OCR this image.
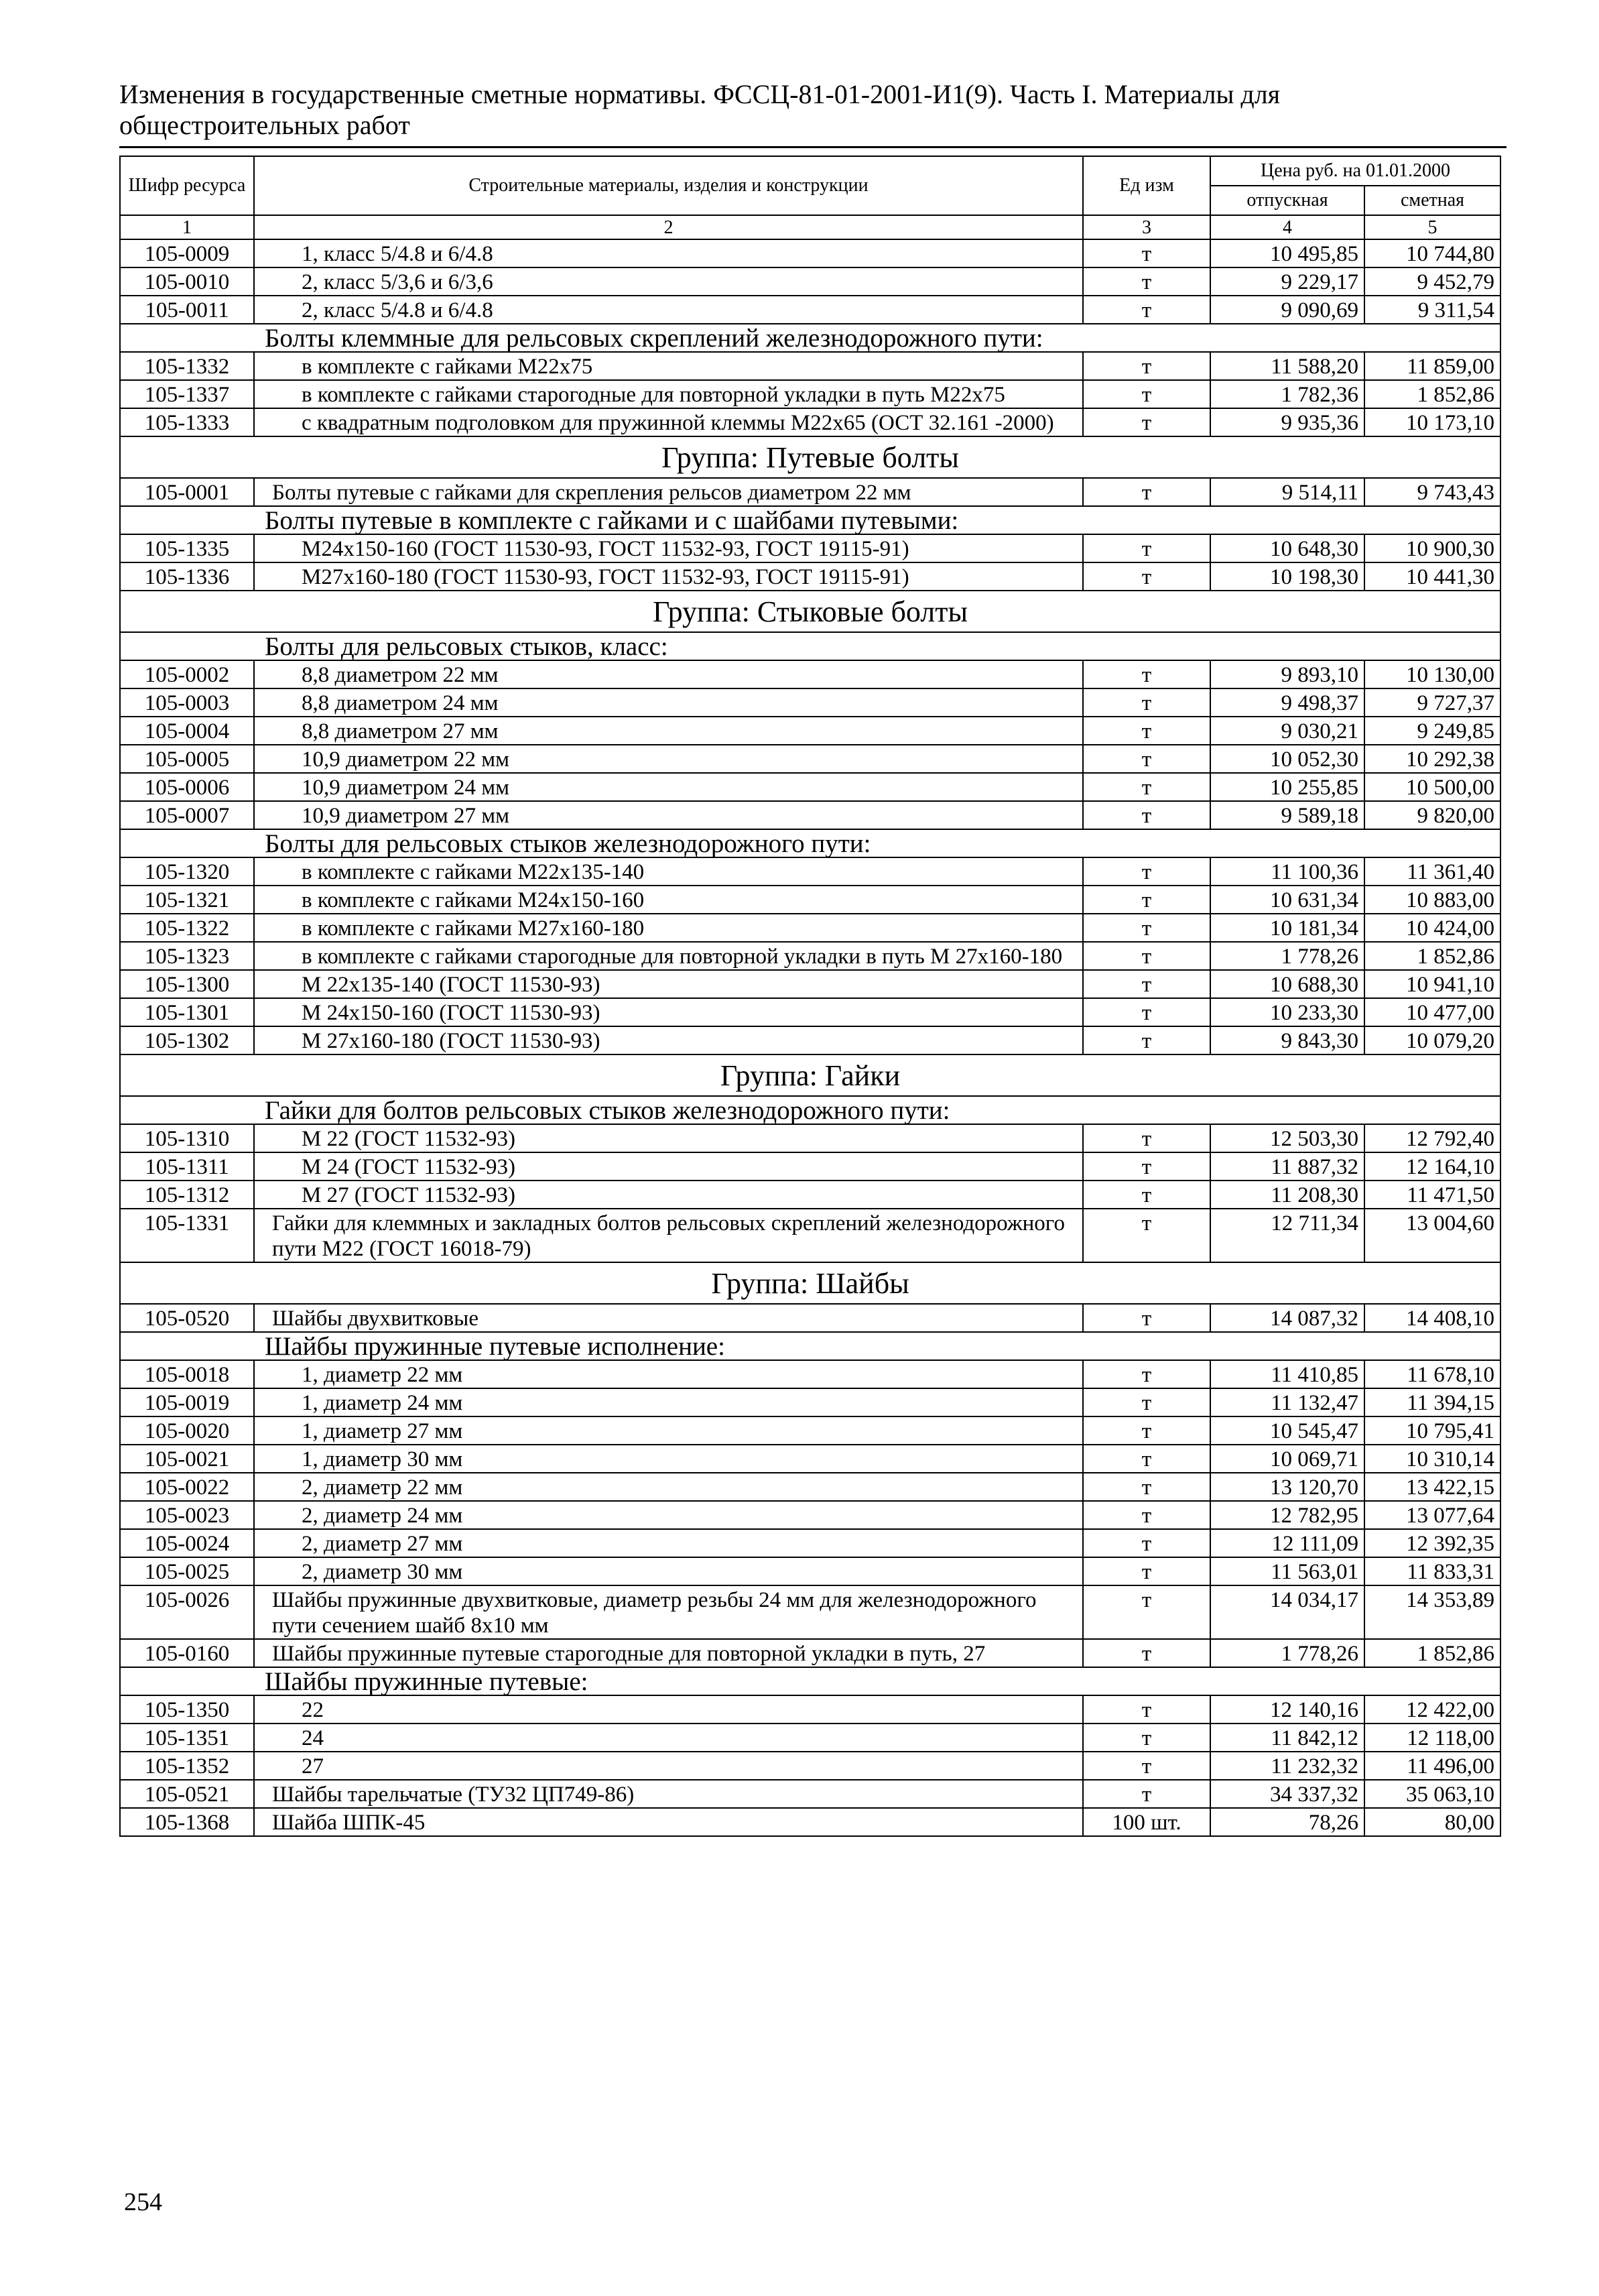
Изменения в государственные сметные нормативы. ФССЦ-81-01-2001-И1(9). Часть I. Материалы для общестроительных работ
Шифр ресурса	Строительные материалы, изделия и конструкции	Ед изм	Цена руб. на 01.01.2000	
			отпускная	сметная
1	2	3	4	5
105-0009	1, класс 5/4.8 и 6/4.8	т	10 495,85	10 744,80
105-0010	2, класс 5/3,6 и 6/3,6	т	9 229,17	9 452,79
105-0011	2, класс 5/4.8 и 6/4.8	т	9 090,69	9 311,54
Болты клеммные для рельсовых скреплений железнодорожного пути:				
105-1332	в комплекте с гайками М22х75	т	11 588,20	11 859,00
105-1337	в комплекте с гайками старогодные для повторной укладки в путь М22х75	т	1 782,36	1 852,86
105-1333	с квадратным подголовком для пружинной клеммы М22х65 (ОСТ 32.161 -2000)	т	9 935,36	10 173,10
Группа: Путевые болты				
105-0001	Болты путевые с гайками для скрепления рельсов диаметром 22 мм	т	9 514,11	9 743,43
Болты путевые в комплекте с гайками и с шайбами путевыми:				
105-1335	М24х150-160 (ГОСТ 11530-93, ГОСТ 11532-93, ГОСТ 19115-91)	т	10 648,30	10 900,30
105-1336	М27х160-180 (ГОСТ 11530-93, ГОСТ 11532-93, ГОСТ 19115-91)	т	10 198,30	10 441,30
Группа: Стыковые болты				
Болты для рельсовых стыков, класс:				
105-0002	8,8 диаметром 22 мм	т	9 893,10	10 130,00
105-0003	8,8 диаметром 24 мм	т	9 498,37	9 727,37
105-0004	8,8 диаметром 27 мм	т	9 030,21	9 249,85
105-0005	10,9 диаметром 22 мм	т	10 052,30	10 292,38
105-0006	10,9 диаметром 24 мм	т	10 255,85	10 500,00
105-0007	10,9 диаметром 27 мм	т	9 589,18	9 820,00
Болты для рельсовых стыков железнодорожного пути:				
105-1320	в комплекте с гайками М22х135-140	т	11 100,36	11 361,40
105-1321	в комплекте с гайками М24х150-160	т	10 631,34	10 883,00
105-1322	в комплекте с гайками М27х160-180	т	10 181,34	10 424,00
105-1323	в комплекте с гайками старогодные для повторной укладки в путь М 27х160-180	т	1 778,26	1 852,86
105-1300	М 22х135-140 (ГОСТ 11530-93)	т	10 688,30	10 941,10
105-1301	М 24х150-160 (ГОСТ 11530-93)	т	10 233,30	10 477,00
105-1302	М 27х160-180 (ГОСТ 11530-93)	т	9 843,30	10 079,20
Группа: Гайки				
Гайки для болтов рельсовых стыков железнодорожного пути:				
105-1310	М 22 (ГОСТ 11532-93)	т	12 503,30	12 792,40
105-1311	М 24 (ГОСТ 11532-93)	т	11 887,32	12 164,10
105-1312	М 27 (ГОСТ 11532-93)	т	11 208,30	11 471,50
105-1331	Гайки для клеммных и закладных болтов рельсовых скреплений железнодорожного пути М22 (ГОСТ 16018-79)	т	12 711,34	13 004,60
Группа: Шайбы				
105-0520	Шайбы двухвитковые	т	14 087,32	14 408,10
Шайбы пружинные путевые исполнение:				
105-0018	1, диаметр 22 мм	т	11 410,85	11 678,10
105-0019	1, диаметр 24 мм	т	11 132,47	11 394,15
105-0020	1, диаметр 27 мм	т	10 545,47	10 795,41
105-0021	1, диаметр 30 мм	т	10 069,71	10 310,14
105-0022	2, диаметр 22 мм	т	13 120,70	13 422,15
105-0023	2, диаметр 24 мм	т	12 782,95	13 077,64
105-0024	2, диаметр 27 мм	т	12 111,09	12 392,35
105-0025	2, диаметр 30 мм	т	11 563,01	11 833,31
105-0026	Шайбы пружинные двухвитковые, диаметр резьбы 24 мм для железнодорожного пути сечением шайб 8х10 мм	т	14 034,17	14 353,89
105-0160	Шайбы пружинные путевые старогодные для повторной укладки в путь, 27	т	1 778,26	1 852,86
Шайбы пружинные путевые:				
105-1350	22	т	12 140,16	12 422,00
105-1351	24	т	11 842,12	12 118,00
105-1352	27	т	11 232,32	11 496,00
105-0521	Шайбы тарельчатые (ТУ32 ЦП749-86)	т	34 337,32	35 063,10
105-1368	Шайба ШПК-45	100 шт.	78,26	80,00
254
